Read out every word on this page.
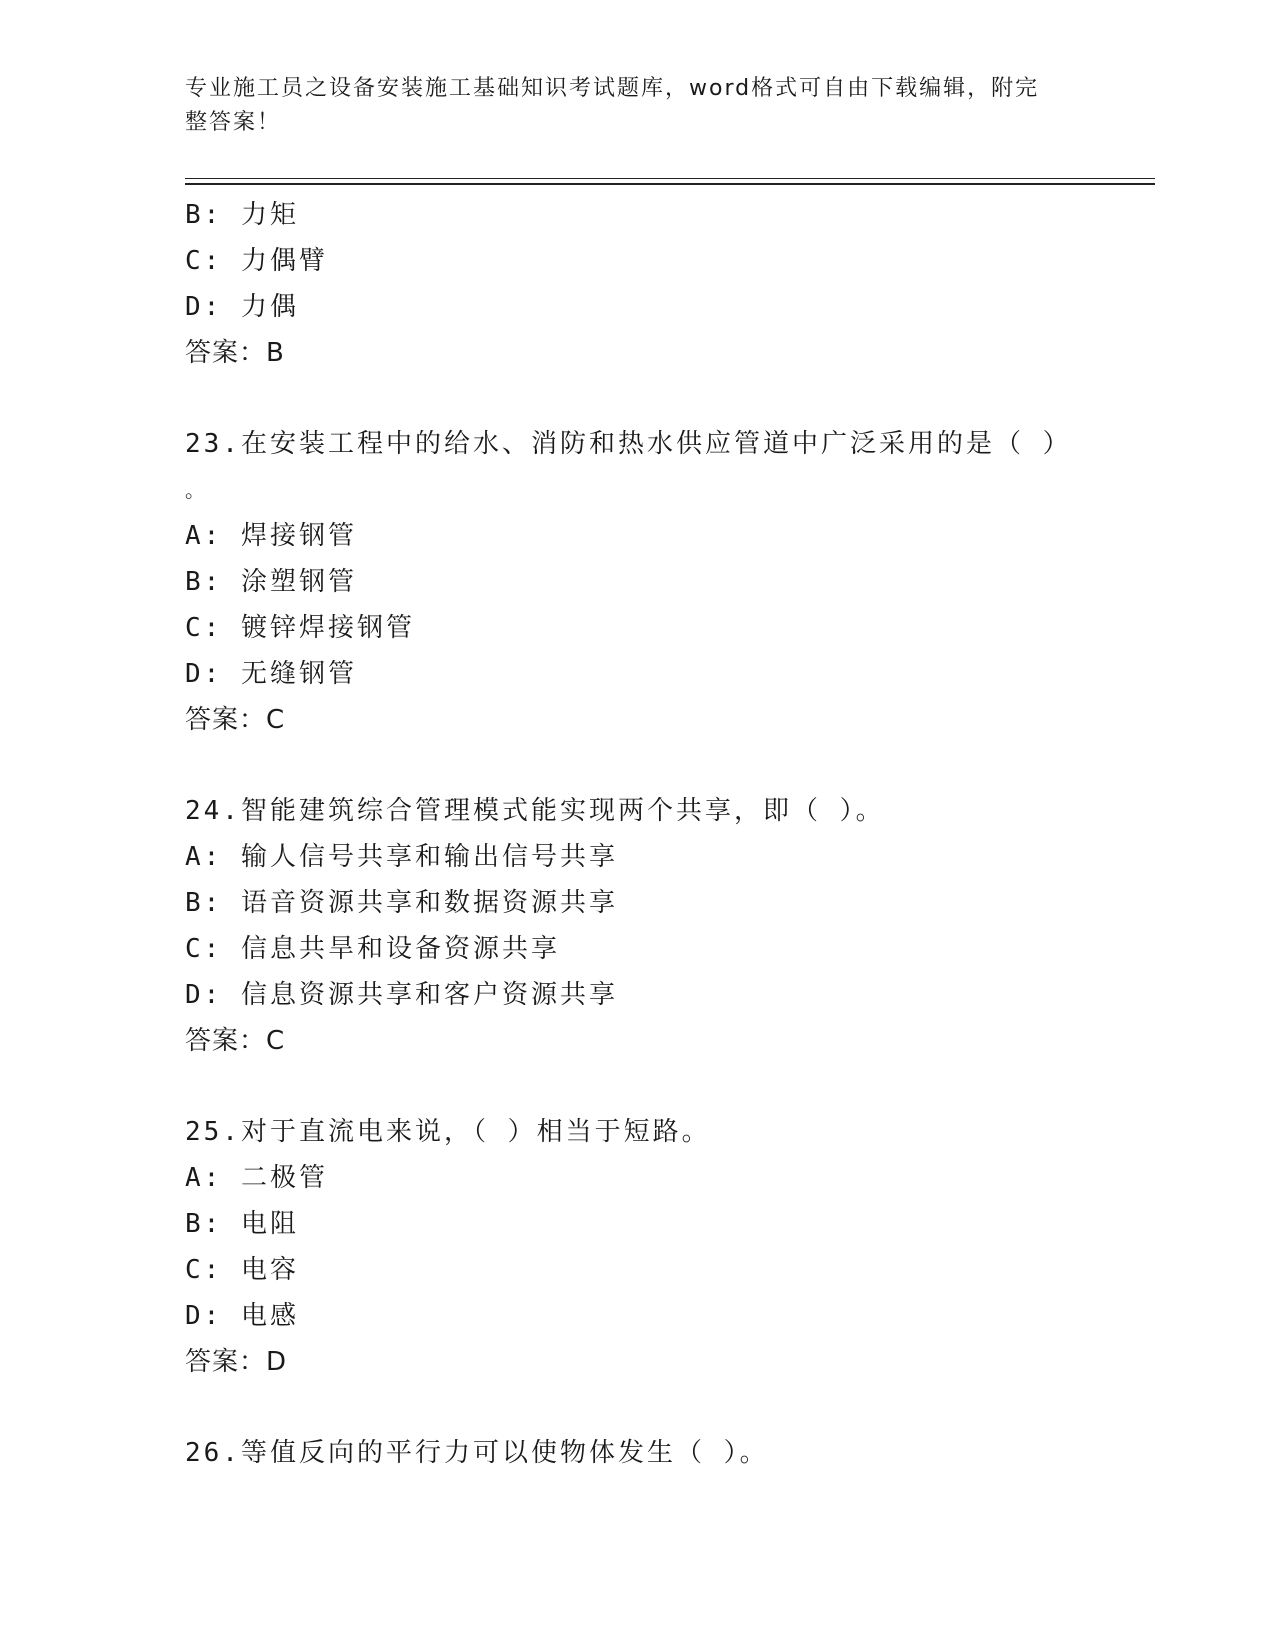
专业施工员之设备安装施工基础知识考试题库，word格式可自由下载编辑，附完
整答案！
B: 力矩
C: 力偶臂
D: 力偶
答案：B
23.在安装工程中的给水、消防和热水供应管道中广泛采用的是（ ）
。
A: 焊接钢管
B: 涂塑钢管
C: 镀锌焊接钢管
D: 无缝钢管
答案：C
24.智能建筑综合管理模式能实现两个共享，即（ ）。
A: 输人信号共享和输出信号共享
B: 语音资源共享和数据资源共享
C: 信息共旱和设备资源共享
D: 信息资源共享和客户资源共享
答案：C
25.对于直流电来说，（ ）相当于短路。
A: 二极管
B: 电阻
C: 电容
D: 电感
答案：D
26.等值反向的平行力可以使物体发生（ ）。
